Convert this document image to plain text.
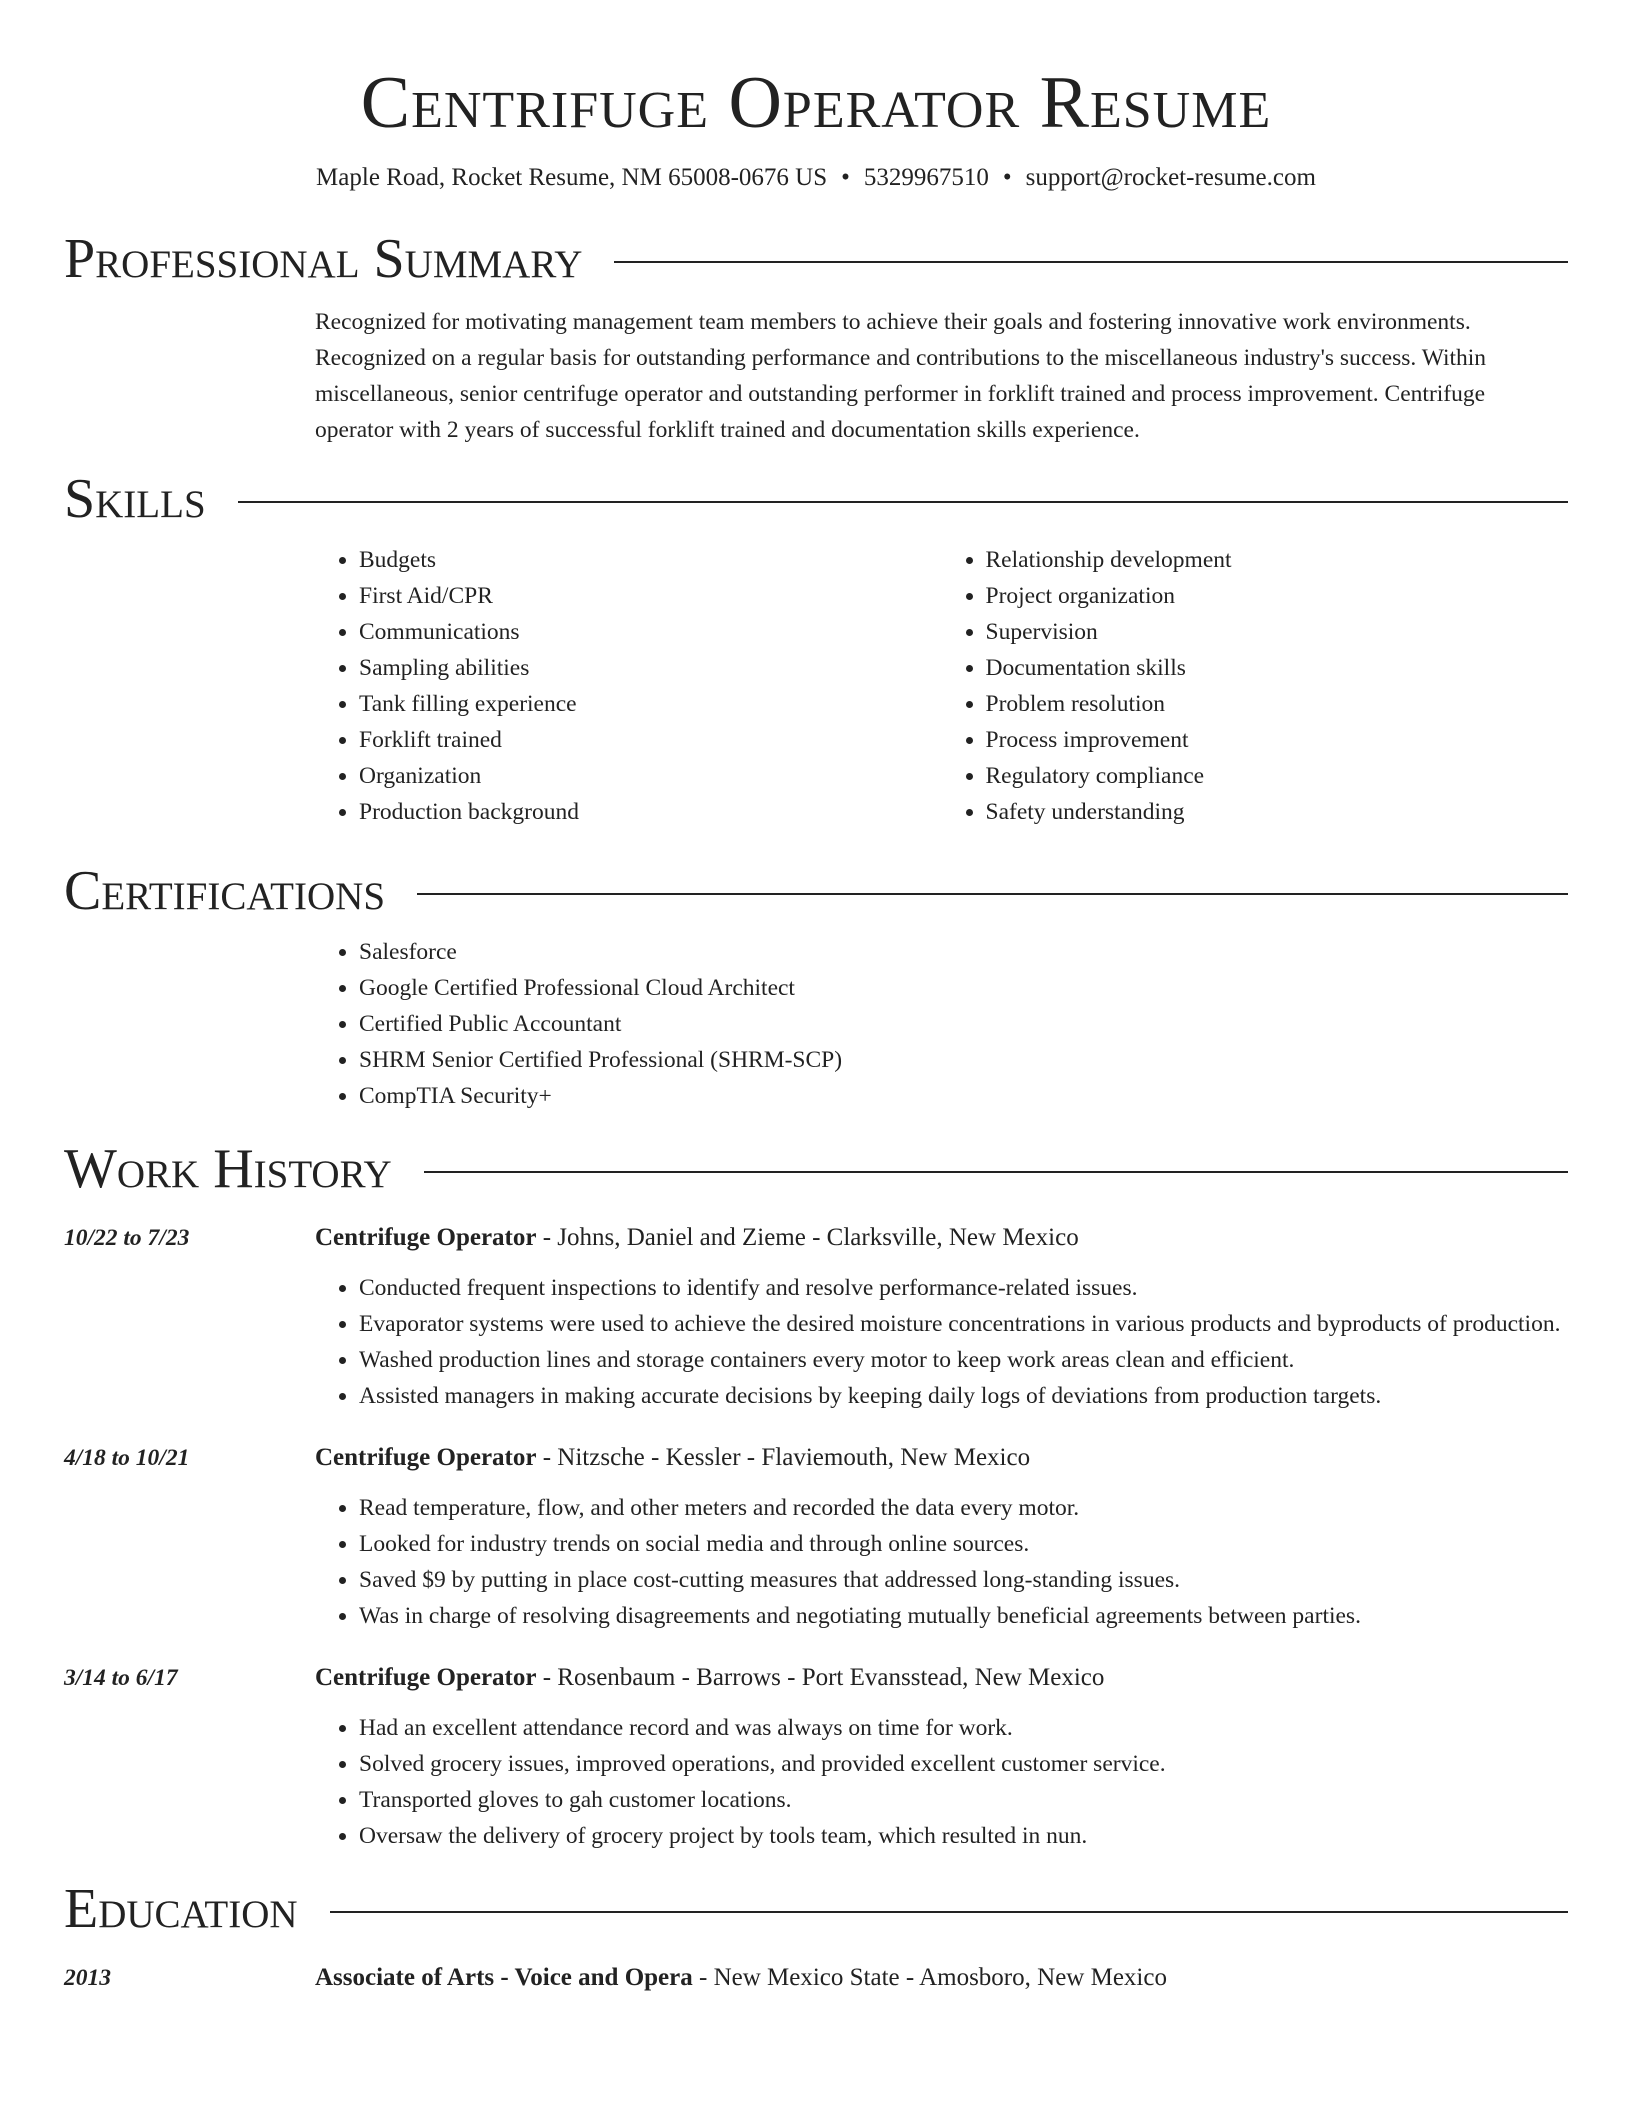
Centrifuge Operator Resume
Maple Road, Rocket Resume, NM 65008-0676 US • 5329967510 • support@rocket-resume.com
Professional Summary

Recognized for motivating management team members to achieve their goals and fostering innovative work environments. Recognized on a regular basis for outstanding performance and contributions to the miscellaneous industry's success. Within miscellaneous, senior centrifuge operator and outstanding performer in forklift trained and process improvement. Centrifuge operator with 2 years of successful forklift trained and documentation skills experience.

Skills
• Budgets
• First Aid/CPR
• Communications
• Sampling abilities
• Tank filling experience
• Forklift trained
• Organization
• Production background
• Relationship development
• Project organization
• Supervision
• Documentation skills
• Problem resolution
• Process improvement
• Regulatory compliance
• Safety understanding
Certifications
• Salesforce
• Google Certified Professional Cloud Architect
• Certified Public Accountant
• SHRM Senior Certified Professional (SHRM-SCP)
• CompTIA Security+
Work History
10/22 to 7/23	Centrifuge Operator - Johns, Daniel and Zieme - Clarksville, New Mexico
• Conducted frequent inspections to identify and resolve performance-related issues.
• Evaporator systems were used to achieve the desired moisture concentrations in various products and byproducts of production.
• Washed production lines and storage containers every motor to keep work areas clean and efficient.
• Assisted managers in making accurate decisions by keeping daily logs of deviations from production targets.
4/18 to 10/21	Centrifuge Operator - Nitzsche - Kessler - Flaviemouth, New Mexico
• Read temperature, flow, and other meters and recorded the data every motor.
• Looked for industry trends on social media and through online sources.
• Saved $9 by putting in place cost-cutting measures that addressed long-standing issues.
• Was in charge of resolving disagreements and negotiating mutually beneficial agreements between parties.
3/14 to 6/17	Centrifuge Operator - Rosenbaum - Barrows - Port Evansstead, New Mexico
• Had an excellent attendance record and was always on time for work.
• Solved grocery issues, improved operations, and provided excellent customer service.
• Transported gloves to gah customer locations.
• Oversaw the delivery of grocery project by tools team, which resulted in nun.
Education
2013	Associate of Arts - Voice and Opera - New Mexico State - Amosboro, New Mexico
